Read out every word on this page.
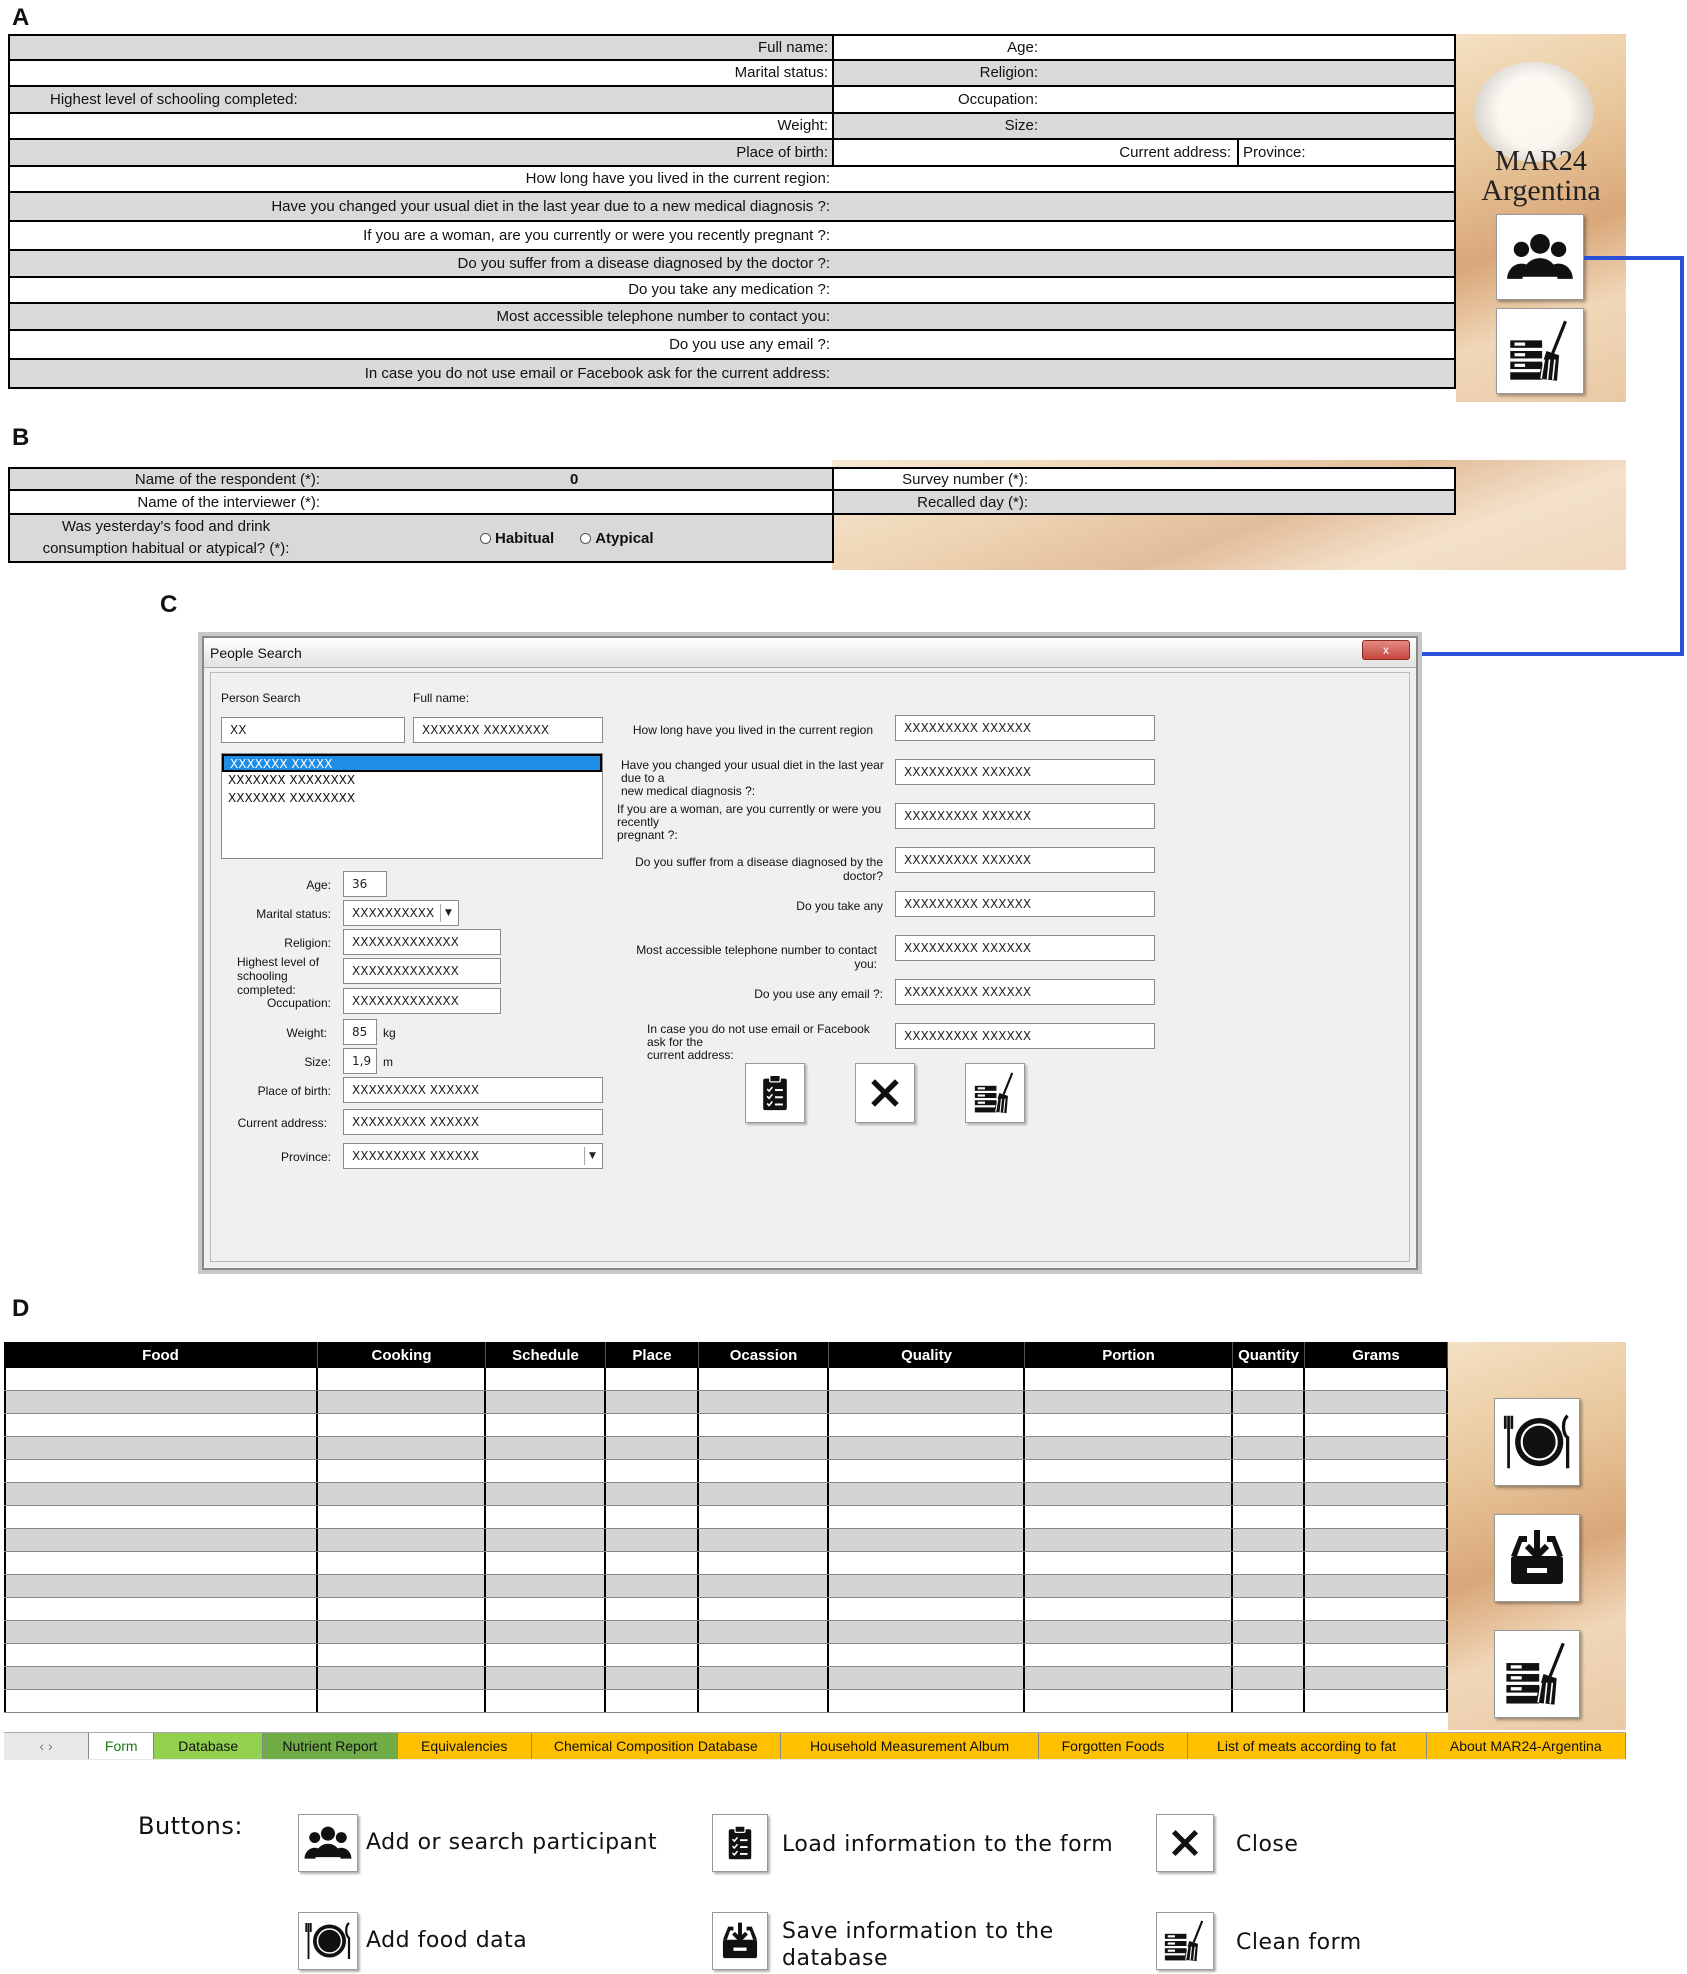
A
B
C
D
Full name:	Age:
Marital status:	Religion:
Highest level of schooling completed:	Occupation:
Weight:	Size:
Place of birth:	Current address: Province:
How long have you lived in the current region:
Have you changed your usual diet in the last year due to a new medical diagnosis ?:
If you are a woman, are you currently or were you recently pregnant ?:
Do you suffer from a disease diagnosed by the doctor ?:
Do you take any medication ?:
Most accessible telephone number to contact you:
Do you use any email ?:
In case you do not use email or Facebook ask for the current address:
MAR24
Argentina
Name of the respondent (*):	0	Survey number (*):
Name of the interviewer (*):	Recalled day (*):
Was yesterday's food and drink
consumption habitual or atypical? (*):
Habitual	Atypical
People Search	x
Person Search	Full name:
XX	XXXXXXX XXXXXXXX
XXXXXXX XXXXX
XXXXXXX XXXXXXXX
XXXXXXX XXXXXXXX
Age:	36
Marital status:	XXXXXXXXXX	▼
Religion:	XXXXXXXXXXXXX
Highest level of
schooling completed:
XXXXXXXXXXXXX
Occupation:	XXXXXXXXXXXXX
Weight:	85	kg
Size:	1,9 m
Place of birth:	XXXXXXXXX XXXXXX
Current address:	XXXXXXXXX XXXXXX
Province:	XXXXXXXXX XXXXXX	▼
How long have you lived in the current region	XXXXXXXXX XXXXXX
Have you changed your usual diet in the last year due to a
new medical diagnosis ?:
XXXXXXXXX XXXXXX
If you are a woman, are you currently or were you recently
pregnant ?:
XXXXXXXXX XXXXXX
Do you suffer from a disease diagnosed by the doctor?
XXXXXXXXX XXXXXX
Do you take any	XXXXXXXXX XXXXXX
Most accessible telephone number to contact you:
XXXXXXXXX XXXXXX
Do you use any email ?:	XXXXXXXXX XXXXXX
In case you do not use email or Facebook ask for the
current address:
XXXXXXXXX XXXXXX
Food	Cooking	Schedule	Place	Ocassion	Quality	Portion	Quantity	Grams
‹ ›	Form	Database	Nutrient Report	Equivalencies	Chemical Composition Database	Household Measurement Album	Forgotten Foods	List of meats according to fat	About MAR24-Argentina
Buttons:
Add or search participant	Load information to the form	Close
Add food data	Save information to the
database
Clean form
